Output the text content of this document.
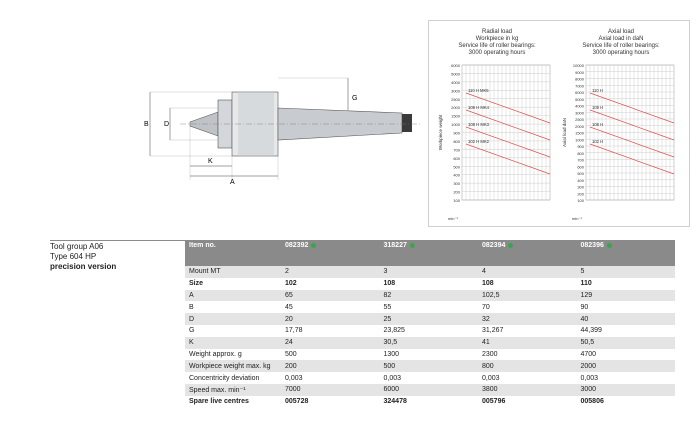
B D
G
K
A
Radial load
Workpiece in kg
Service life of roller bearings:
3000 operating hours
Axial load
Axial load in daN
Service life of roller bearings:
3000 operating hours
6000
5000
4000
3000
2500
2000
1500
1000
900
800
700
600
500
400
300
200
100
Workpiece weight
min⁻¹
110 H MK5
109 H MK4
108 H MK3
102 H MK2
10000
9000
8000
7000
6000
5000
4000
3000
2500
2000
1500
1000
900
800
700
600
500
400
300
200
100
Axial load daN
min⁻¹
110 H
109 H
108 H
102 H
Tool group A06
Type 604 HP
precision version
Item no.	082392	318227	082394	082396
Mount MT	2	3	4	5
Size	102	108	108	110
A	65	82	102,5	129
B	45	55	70	90
D	20	25	32	40
G	17,78	23,825	31,267	44,399
K	24	30,5	41	50,5
Weight approx. g	500	1300	2300	4700
Workpiece weight max. kg	200	500	800	2000
Concentricity deviation	0,003	0,003	0,003	0,003
Speed max. min⁻¹	7000	6000	3800	3000
Spare live centres	005728	324478	005796	005806
